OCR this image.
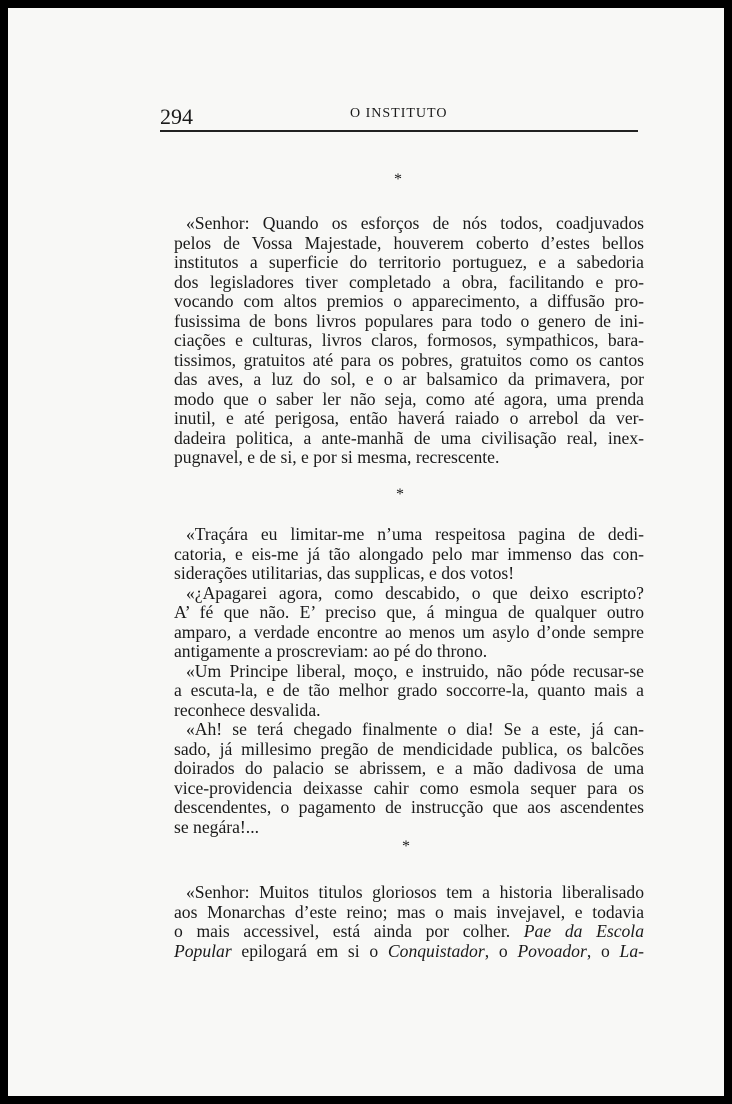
294	O INSTITUTO
*
«Senhor: Quando os esforços de nós todos, coadjuvados
pelos de Vossa Majestade, houverem coberto d’estes bellos
institutos a superficie do territorio portuguez, e a sabedoria
dos legisladores tiver completado a obra, facilitando e pro-
vocando com altos premios o apparecimento, a diffusão pro-
fusissima de bons livros populares para todo o genero de ini-
ciações e culturas, livros claros, formosos, sympathicos, bara-
tissimos, gratuitos até para os pobres, gratuitos como os cantos
das aves, a luz do sol, e o ar balsamico da primavera, por
modo que o saber ler não seja, como até agora, uma prenda
inutil, e até perigosa, então haverá raiado o arrebol da ver-
dadeira politica, a ante-manhã de uma civilisação real, inex-
pugnavel, e de si, e por si mesma, recrescente.
*
«Traçára eu limitar-me n’uma respeitosa pagina de dedi-
catoria, e eis-me já tão alongado pelo mar immenso das con-
siderações utilitarias, das supplicas, e dos votos!
«¿Apagarei agora, como descabido, o que deixo escripto?
A’ fé que não. E’ preciso que, á mingua de qualquer outro
amparo, a verdade encontre ao menos um asylo d’onde sempre
antigamente a proscreviam: ao pé do throno.
«Um Principe liberal, moço, e instruido, não póde recusar-se
a escuta-la, e de tão melhor grado soccorre-la, quanto mais a
reconhece desvalida.
«Ah! se terá chegado finalmente o dia! Se a este, já can-
sado, já millesimo pregão de mendicidade publica, os balcões
doirados do palacio se abrissem, e a mão dadivosa de uma
vice-providencia deixasse cahir como esmola sequer para os
descendentes, o pagamento de instrucção que aos ascendentes
se negára!...
*
«Senhor: Muitos titulos gloriosos tem a historia liberalisado
aos Monarchas d’este reino; mas o mais invejavel, e todavia
o mais accessivel, está ainda por colher. Pae da Escola
Popular epilogará em si o Conquistador, o Povoador, o La-
